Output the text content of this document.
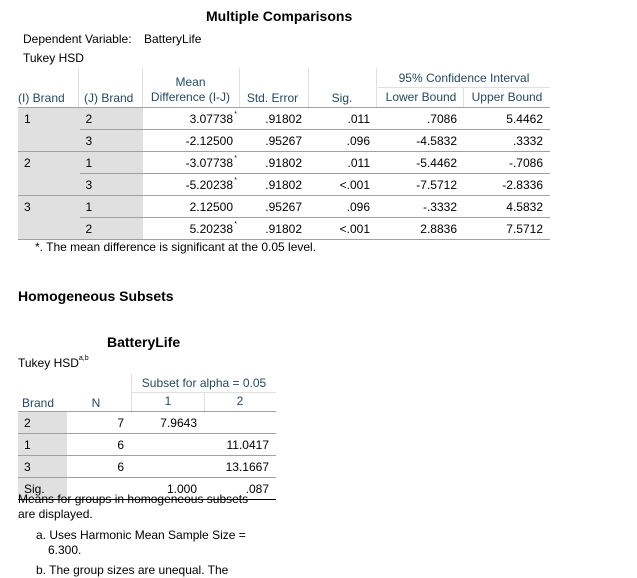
Multiple Comparisons
Dependent Variable: BatteryLife
Tukey HSD
(I) Brand	(J) Brand
Mean
Difference (I-J)	Std. Error	Sig.
95% Confidence Interval
Lower Bound	Upper Bound
1	2	3.07738*	.91802	.011	.7086	5.4462
	3	-2.12500	.95267	.096	-4.5832	.3332
2	1	-3.07738*	.91802	.011	-5.4462	-.7086
	3	-5.20238*	.91802	<.001	-7.5712	-2.8336
3	1	2.12500	.95267	.096	-.3332	4.5832
	2	5.20238*	.91802	<.001	2.8836	7.5712
*. The mean difference is significant at the 0.05 level.
Homogeneous Subsets
BatteryLife
Tukey HSD$^{a,b}$
Subset for alpha = 0.05
1	2
Brand	N
2	7	7.9643	
1	6		11.0417
3	6		13.1667
Sig.		1.000	.087
Means for groups in homogeneous subsets
are displayed.
a. Uses Harmonic Mean Sample Size =
6.300.
b. The group sizes are unequal. The
